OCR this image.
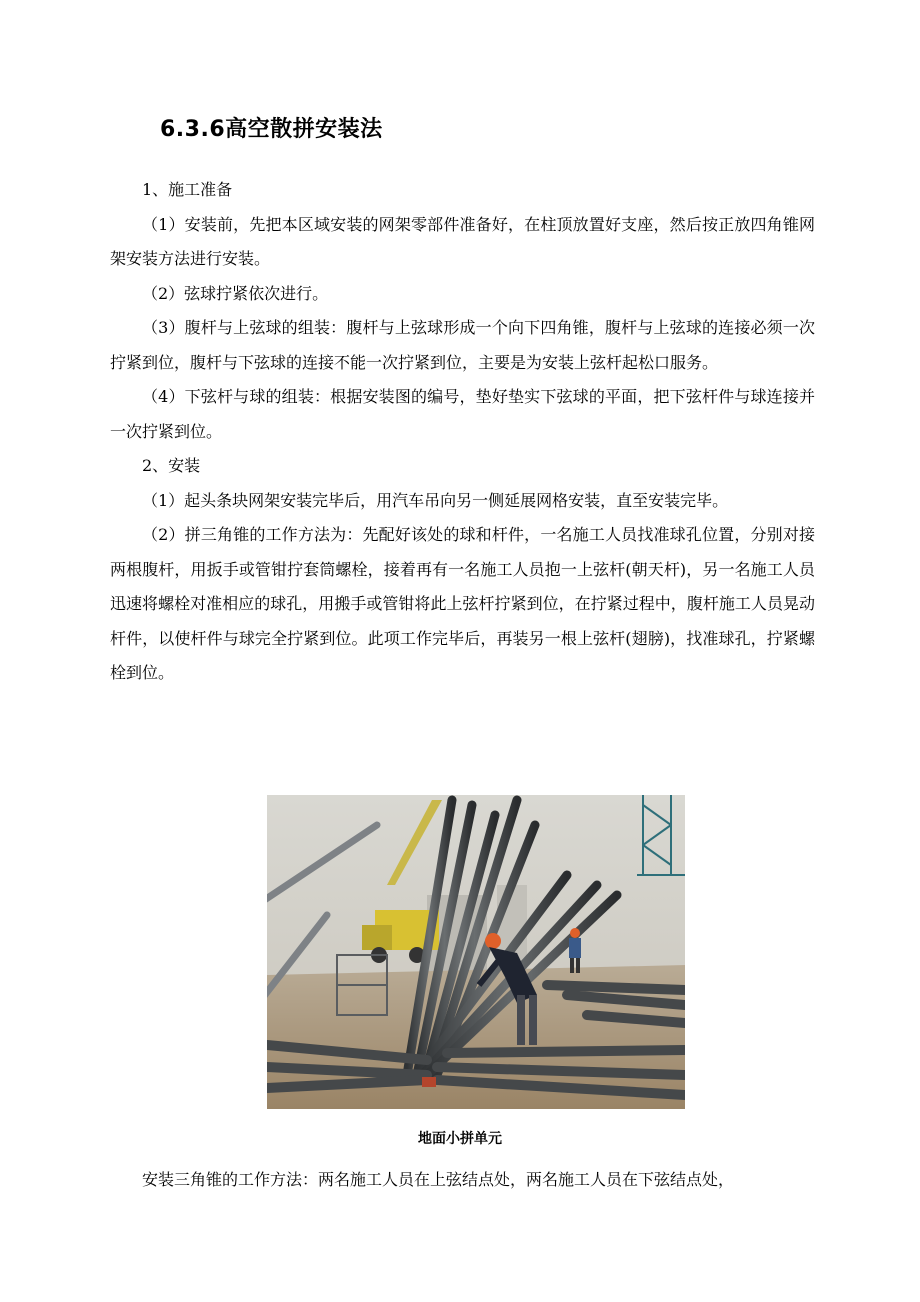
6.3.6高空散拼安装法

1、施工准备

（1）安装前，先把本区域安装的网架零部件准备好，在柱顶放置好支座，然后按正放四角锥网架安装方法进行安装。

（2）弦球拧紧依次进行。

（3）腹杆与上弦球的组装：腹杆与上弦球形成一个向下四角锥，腹杆与上弦球的连接必须一次拧紧到位，腹杆与下弦球的连接不能一次拧紧到位，主要是为安装上弦杆起松口服务。

（4）下弦杆与球的组装：根据安装图的编号，垫好垫实下弦球的平面，把下弦杆件与球连接并一次拧紧到位。

2、安装

（1）起头条块网架安装完毕后，用汽车吊向另一侧延展网格安装，直至安装完毕。

（2）拼三角锥的工作方法为：先配好该处的球和杆件，一名施工人员找准球孔位置，分别对接两根腹杆，用扳手或管钳拧套筒螺栓，接着再有一名施工人员抱一上弦杆(朝天杆)，另一名施工人员迅速将螺栓对准相应的球孔，用搬手或管钳将此上弦杆拧紧到位，在拧紧过程中，腹杆施工人员晃动杆件，以使杆件与球完全拧紧到位。此项工作完毕后，再装另一根上弦杆(翅膀)，找准球孔，拧紧螺栓到位。

地面小拼单元

安装三角锥的工作方法：两名施工人员在上弦结点处，两名施工人员在下弦结点处，
